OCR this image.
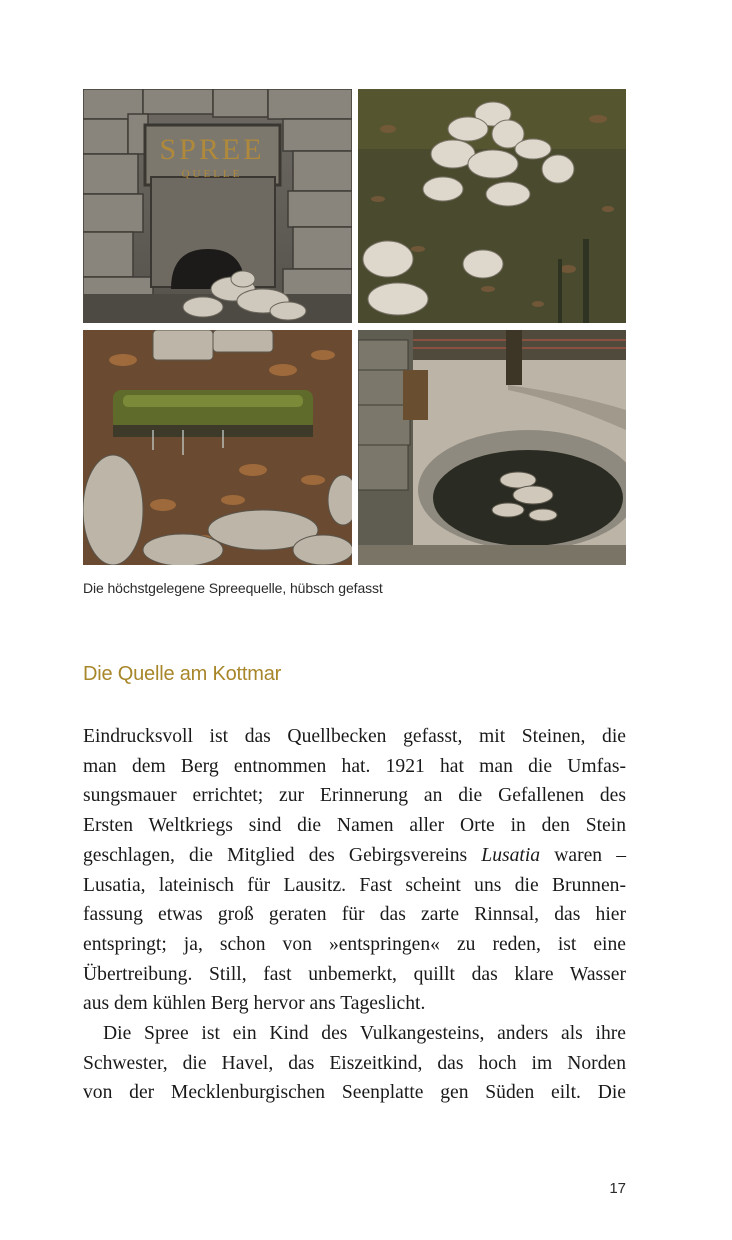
SPREE
QUELLE
Die höchstgelegene Spreequelle, hübsch gefasst
Die Quelle am Kottmar

Eindrucksvoll ist das Quellbecken gefasst, mit Steinen, die
man dem Berg entnommen hat. 1921 hat man die Umfas-
sungsmauer errichtet; zur Erinnerung an die Gefallenen des
Ersten Weltkriegs sind die Namen aller Orte in den Stein
geschlagen, die Mitglied des Gebirgsvereins Lusatia waren –
Lusatia, lateinisch für Lausitz. Fast scheint uns die Brunnen-
fassung etwas groß geraten für das zarte Rinnsal, das hier
entspringt; ja, schon von »entspringen« zu reden, ist eine
Übertreibung. Still, fast unbemerkt, quillt das klare Wasser
aus dem kühlen Berg hervor ans Tageslicht.

Die Spree ist ein Kind des Vulkangesteins, anders als ihre
Schwester, die Havel, das Eiszeitkind, das hoch im Norden
von der Mecklenburgischen Seenplatte gen Süden eilt. Die

17
